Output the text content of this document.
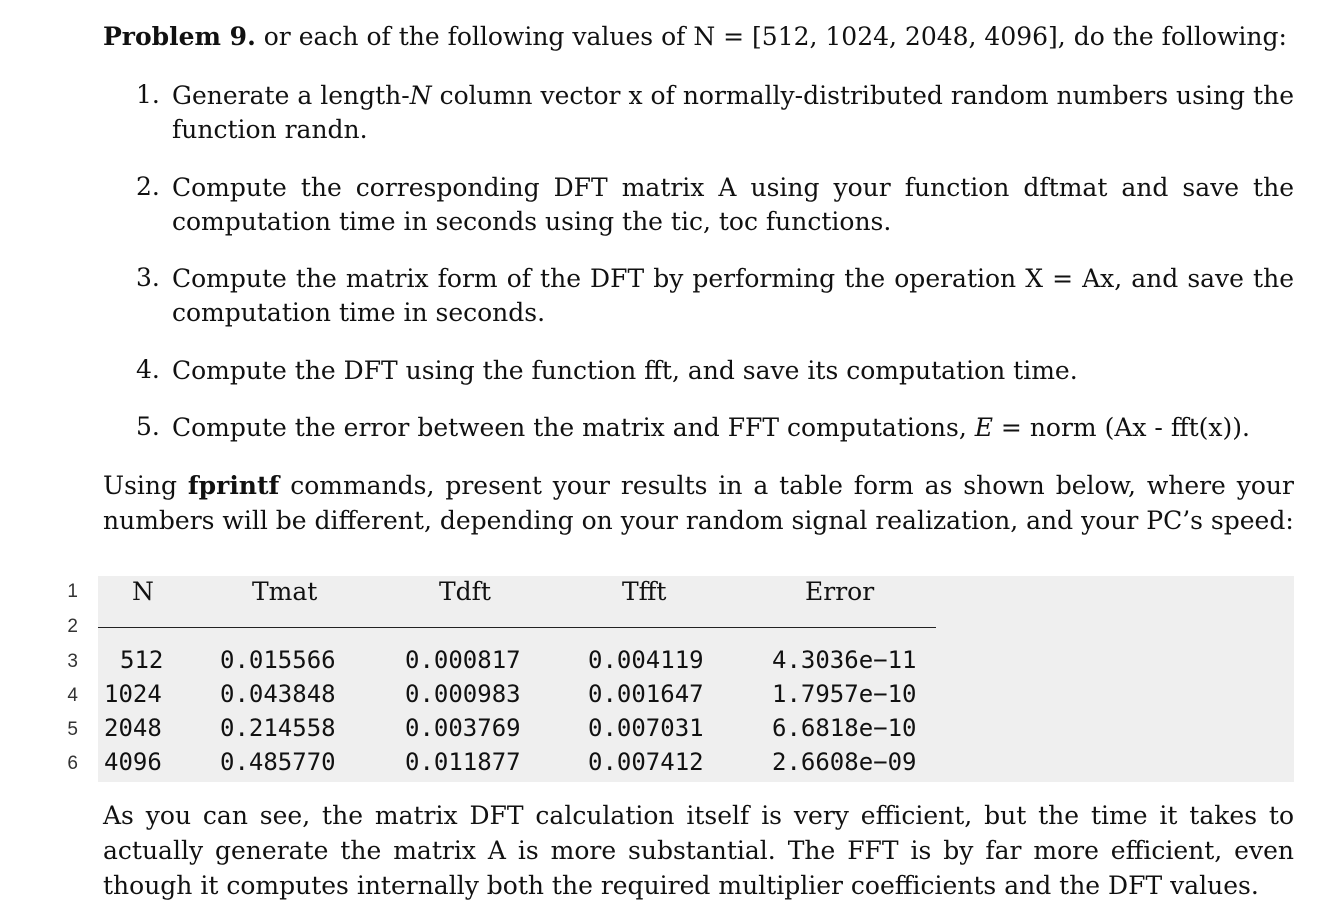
Problem 9. or each of the following values of N = [512, 1024, 2048, 4096], do the following:
1. Generate a length-N column vector x of normally-distributed random numbers using the function randn.
2. Compute the corresponding DFT matrix A using your function dftmat and save the computation time in seconds using the tic, toc functions.
3. Compute the matrix form of the DFT by performing the operation X = Ax, and save the computation time in seconds.
4. Compute the DFT using the function fft, and save its computation time.
5. Compute the error between the matrix and FFT computations, E = norm (Ax - fft(x)).
Using fprintf commands, present your results in a table form as shown below, where your numbers will be different, depending on your random signal realization, and your PC’s speed:
1
2
3
4
5
6
N	Tmat	Tdft	Tfft	Error
512 0.015566	0.000817	0.004119	4.3036e−11
1024 0.043848	0.000983	0.001647	1.7957e−10
2048 0.214558	0.003769	0.007031	6.6818e−10
4096 0.485770	0.011877	0.007412	2.6608e−09
As you can see, the matrix DFT calculation itself is very efficient, but the time it takes to actually generate the matrix A is more substantial. The FFT is by far more efficient, even though it computes internally both the required multiplier coefficients and the DFT values.
